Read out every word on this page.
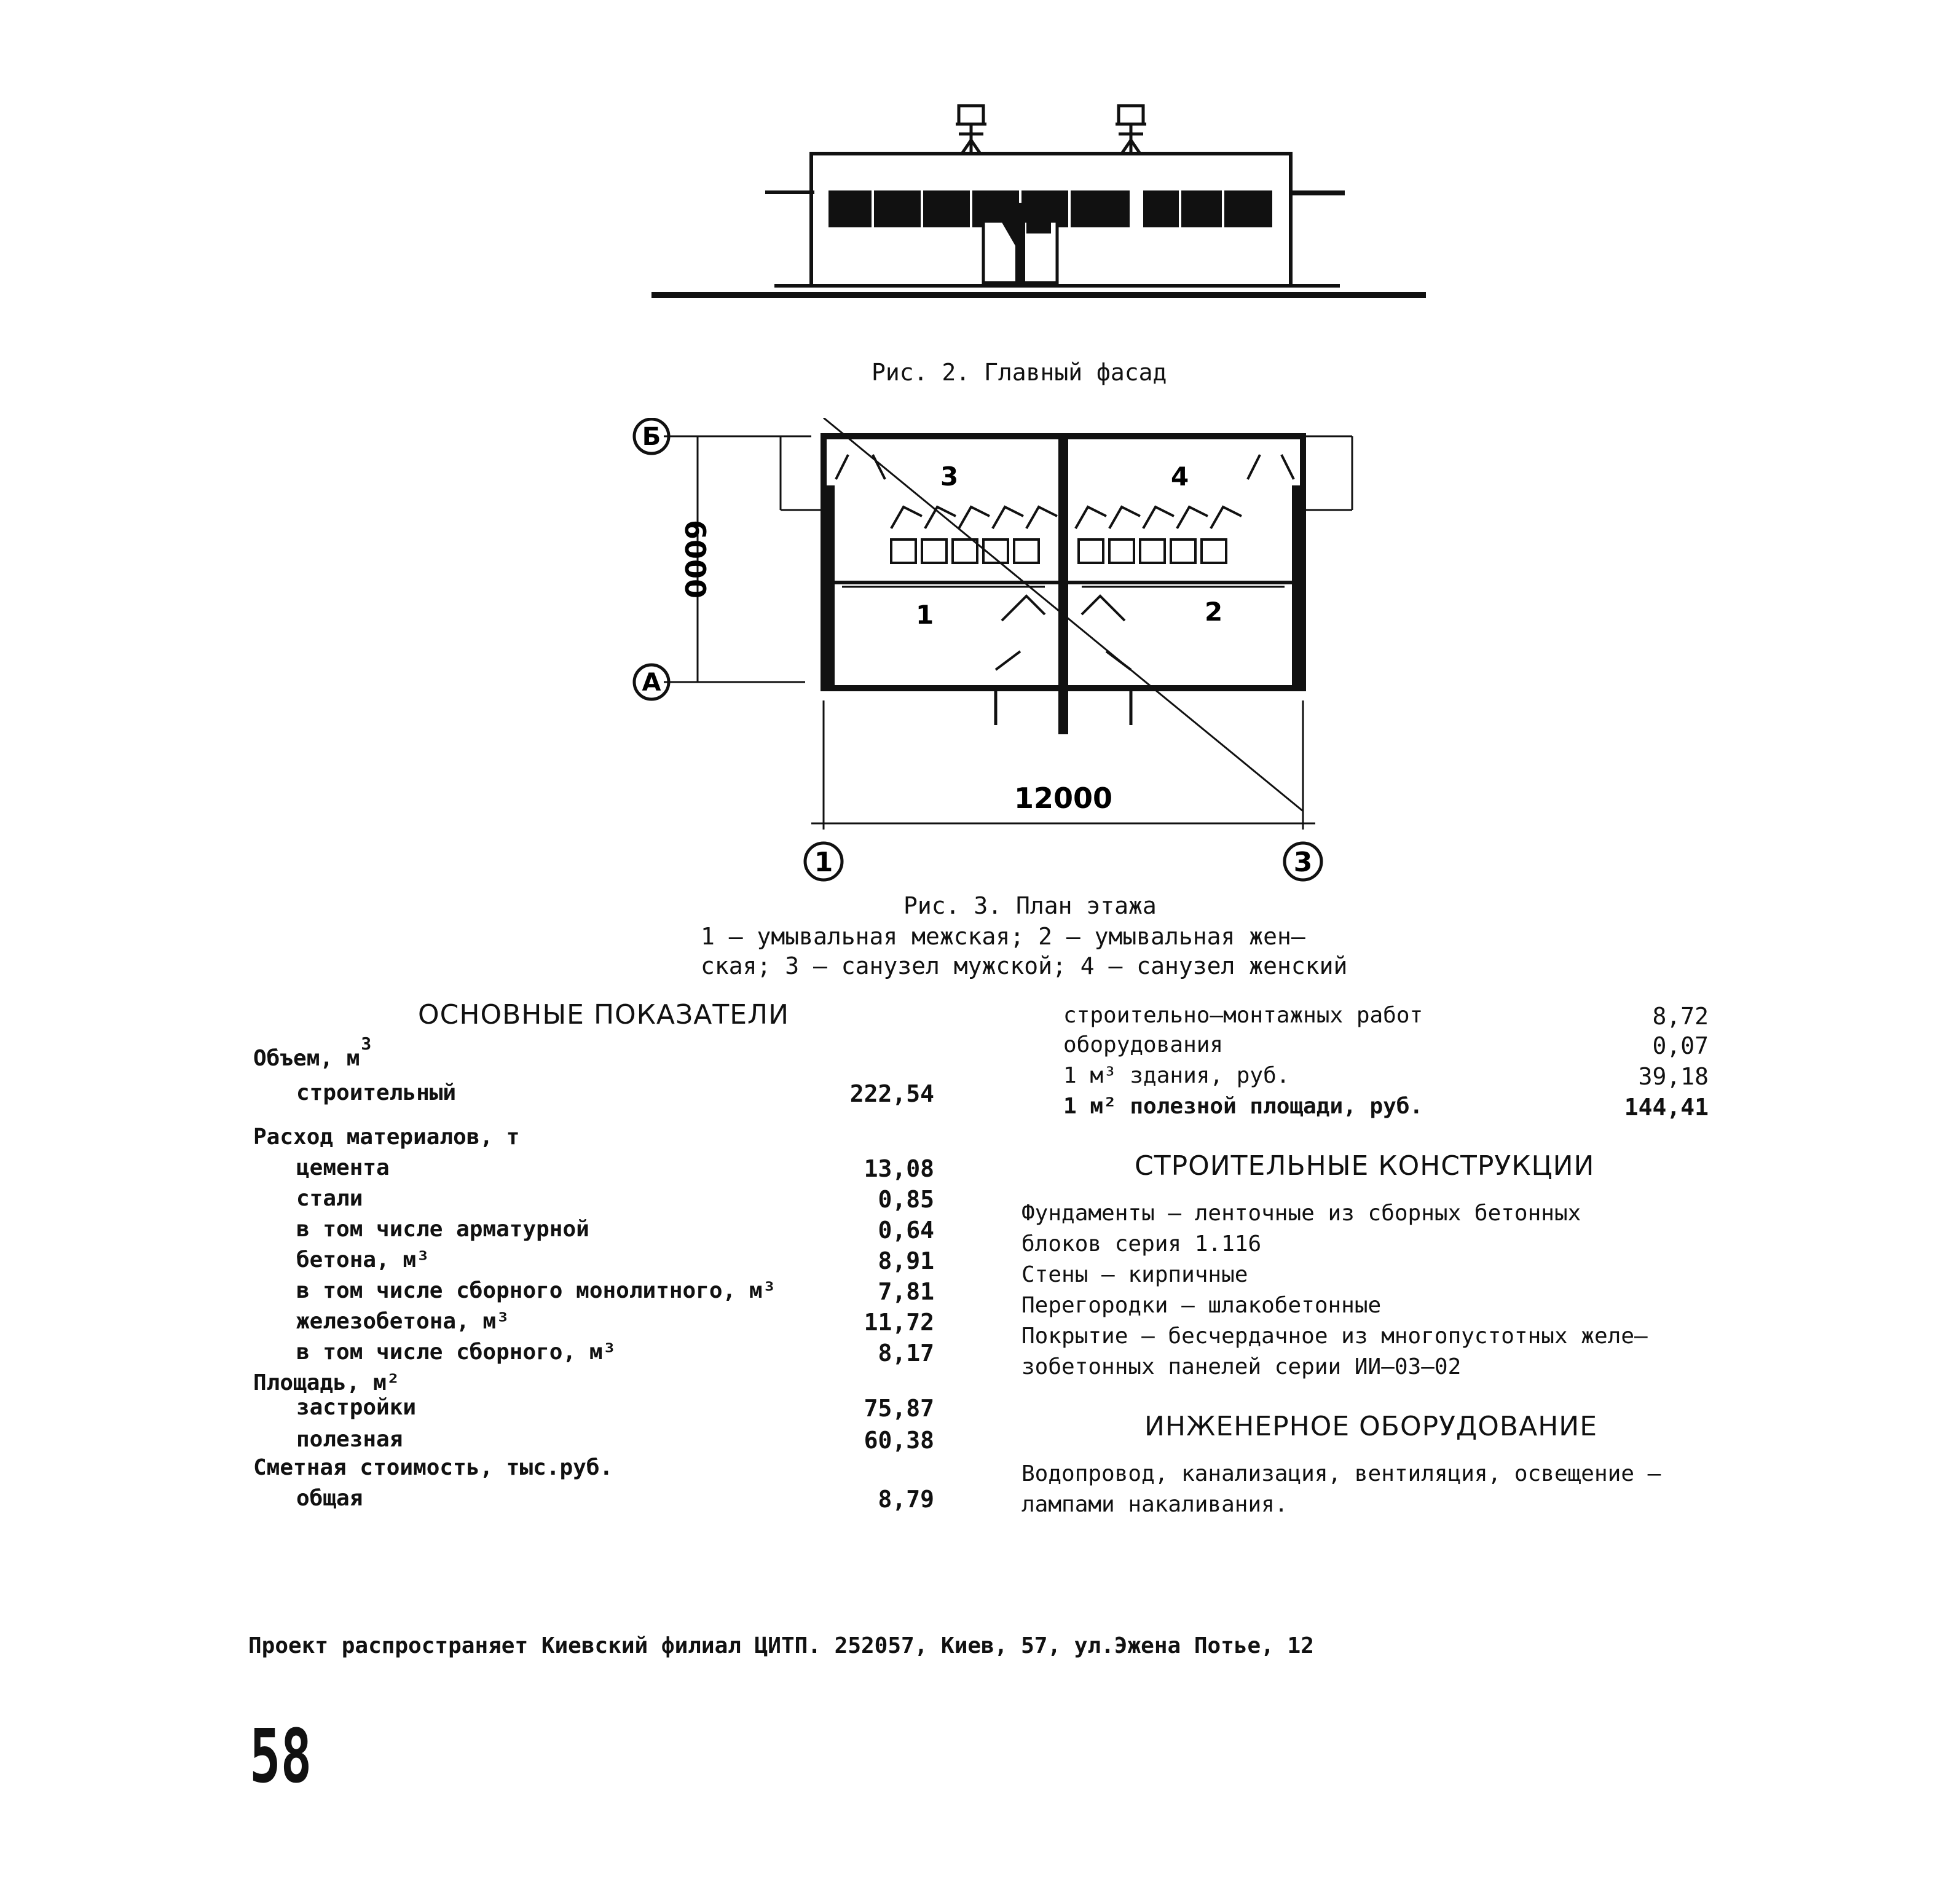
Рис. 2. Главный фасад
Б
А
1	3
12000
6000
1	2
3	4
Рис. 3. План этажа
1 – умывальная межская; 2 – умывальная жен–
ская; 3 – санузел мужской; 4 – санузел женский
ОСНОВНЫЕ ПОКАЗАТЕЛИ
Объем, $м^3$
строительный	222,54
Расход материалов, т
цемента	13,08
стали	0,85
в том числе арматурной	0,64
бетона, м³	8,91
в том числе сборного монолитного, м³	7,81
железобетона, м³	11,72
в том числе сборного, м³	8,17
Площадь, м²
застройки	75,87
полезная	60,38
Сметная стоимость, тыс.руб.
общая	8,79
строительно–монтажных работ	8,72
оборудования	0,07
1 м³ здания, руб.	39,18
1 м² полезной площади, руб.	144,41
СТРОИТЕЛЬНЫЕ КОНСТРУКЦИИ
Фундаменты – ленточные из сборных бетонных
блоков серия 1.116
Стены – кирпичные
Перегородки – шлакобетонные
Покрытие – бесчердачное из многопустотных желе–
зобетонных панелей серии ИИ–03–02
ИНЖЕНЕРНОЕ ОБОРУДОВАНИЕ
Водопровод, канализация, вентиляция, освещение –
лампами накаливания.
Проект распространяет Киевский филиал ЦИТП. 252057, Киев, 57, ул.Эжена Потье, 12
58
